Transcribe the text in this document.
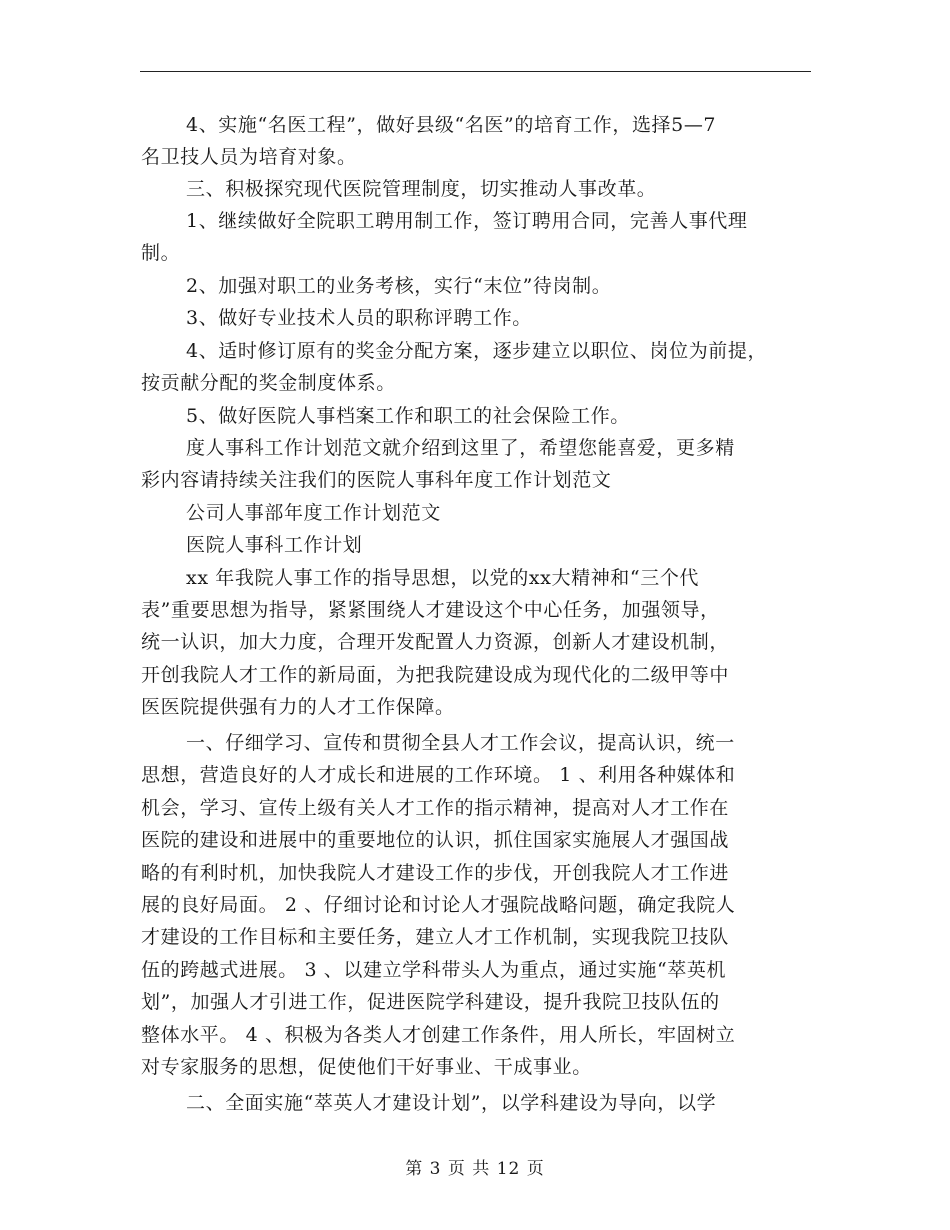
4、实施“名医工程”，做好县级“名医”的培育工作，选择5—7
名卫技人员为培育对象。
三、积极探究现代医院管理制度，切实推动人事改革。
1、继续做好全院职工聘用制工作，签订聘用合同，完善人事代理
制。
2、加强对职工的业务考核，实行“末位”待岗制。
3、做好专业技术人员的职称评聘工作。
4、适时修订原有的奖金分配方案，逐步建立以职位、岗位为前提，
按贡献分配的奖金制度体系。
5、做好医院人事档案工作和职工的社会保险工作。
度人事科工作计划范文就介绍到这里了，希望您能喜爱，更多精
彩内容请持续关注我们的医院人事科年度工作计划范文
公司人事部年度工作计划范文
医院人事科工作计划
xx 年我院人事工作的指导思想，以党的xx大精神和“三个代
表”重要思想为指导，紧紧围绕人才建设这个中心任务，加强领导，
统一认识，加大力度，合理开发配置人力资源，创新人才建设机制，
开创我院人才工作的新局面，为把我院建设成为现代化的二级甲等中
医医院提供强有力的人才工作保障。
一、仔细学习、宣传和贯彻全县人才工作会议，提高认识，统一
思想，营造良好的人才成长和进展的工作环境。 1 、利用各种媒体和
机会，学习、宣传上级有关人才工作的指示精神，提高对人才工作在
医院的建设和进展中的重要地位的认识，抓住国家实施展人才强国战
略的有利时机，加快我院人才建设工作的步伐，开创我院人才工作进
展的良好局面。 2 、仔细讨论和讨论人才强院战略问题，确定我院人
才建设的工作目标和主要任务，建立人才工作机制，实现我院卫技队
伍的跨越式进展。 3 、以建立学科带头人为重点，通过实施“萃英机
划”，加强人才引进工作，促进医院学科建设，提升我院卫技队伍的
整体水平。 4 、积极为各类人才创建工作条件，用人所长，牢固树立
对专家服务的思想，促使他们干好事业、干成事业。
二、全面实施“萃英人才建设计划”，以学科建设为导向，以学
第 3 页 共 12 页
